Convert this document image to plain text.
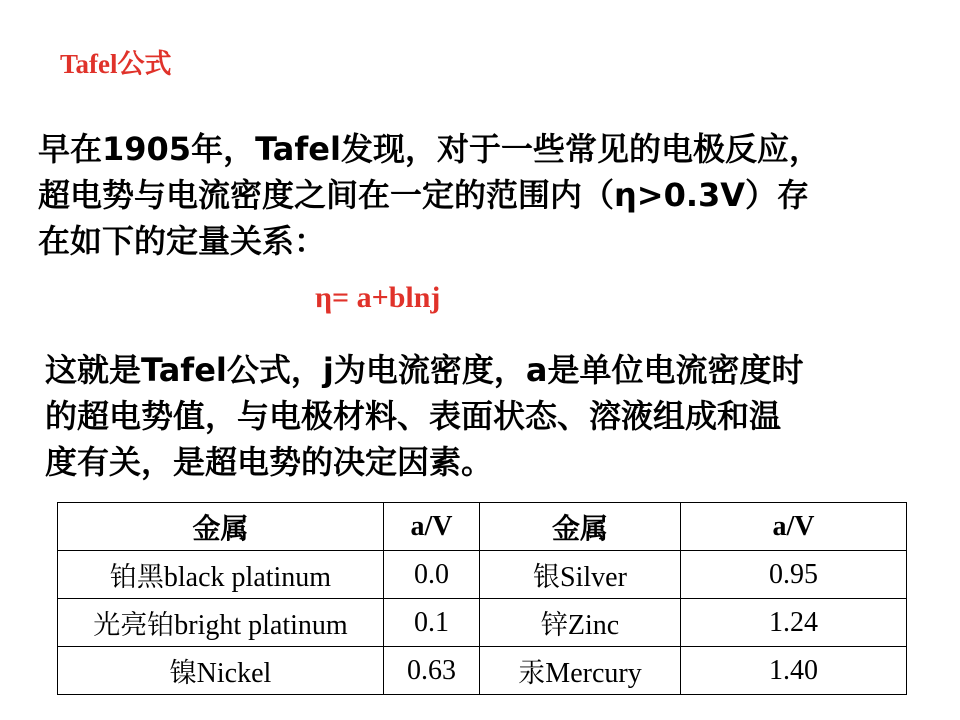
Tafel公式
早在1905年，Tafel发现，对于一些常见的电极反应，
超电势与电流密度之间在一定的范围内（η>0.3V）存
在如下的定量关系：
η= a+blnj
这就是Tafel公式，j为电流密度，a是单位电流密度时
的超电势值，与电极材料、表面状态、溶液组成和温
度有关，是超电势的决定因素。
金属	a/V	金属	a/V
铂黑black platinum	0.0	银Silver	0.95
光亮铂bright platinum	0.1	锌Zinc	1.24
镍Nickel	0.63	汞Mercury	1.40
